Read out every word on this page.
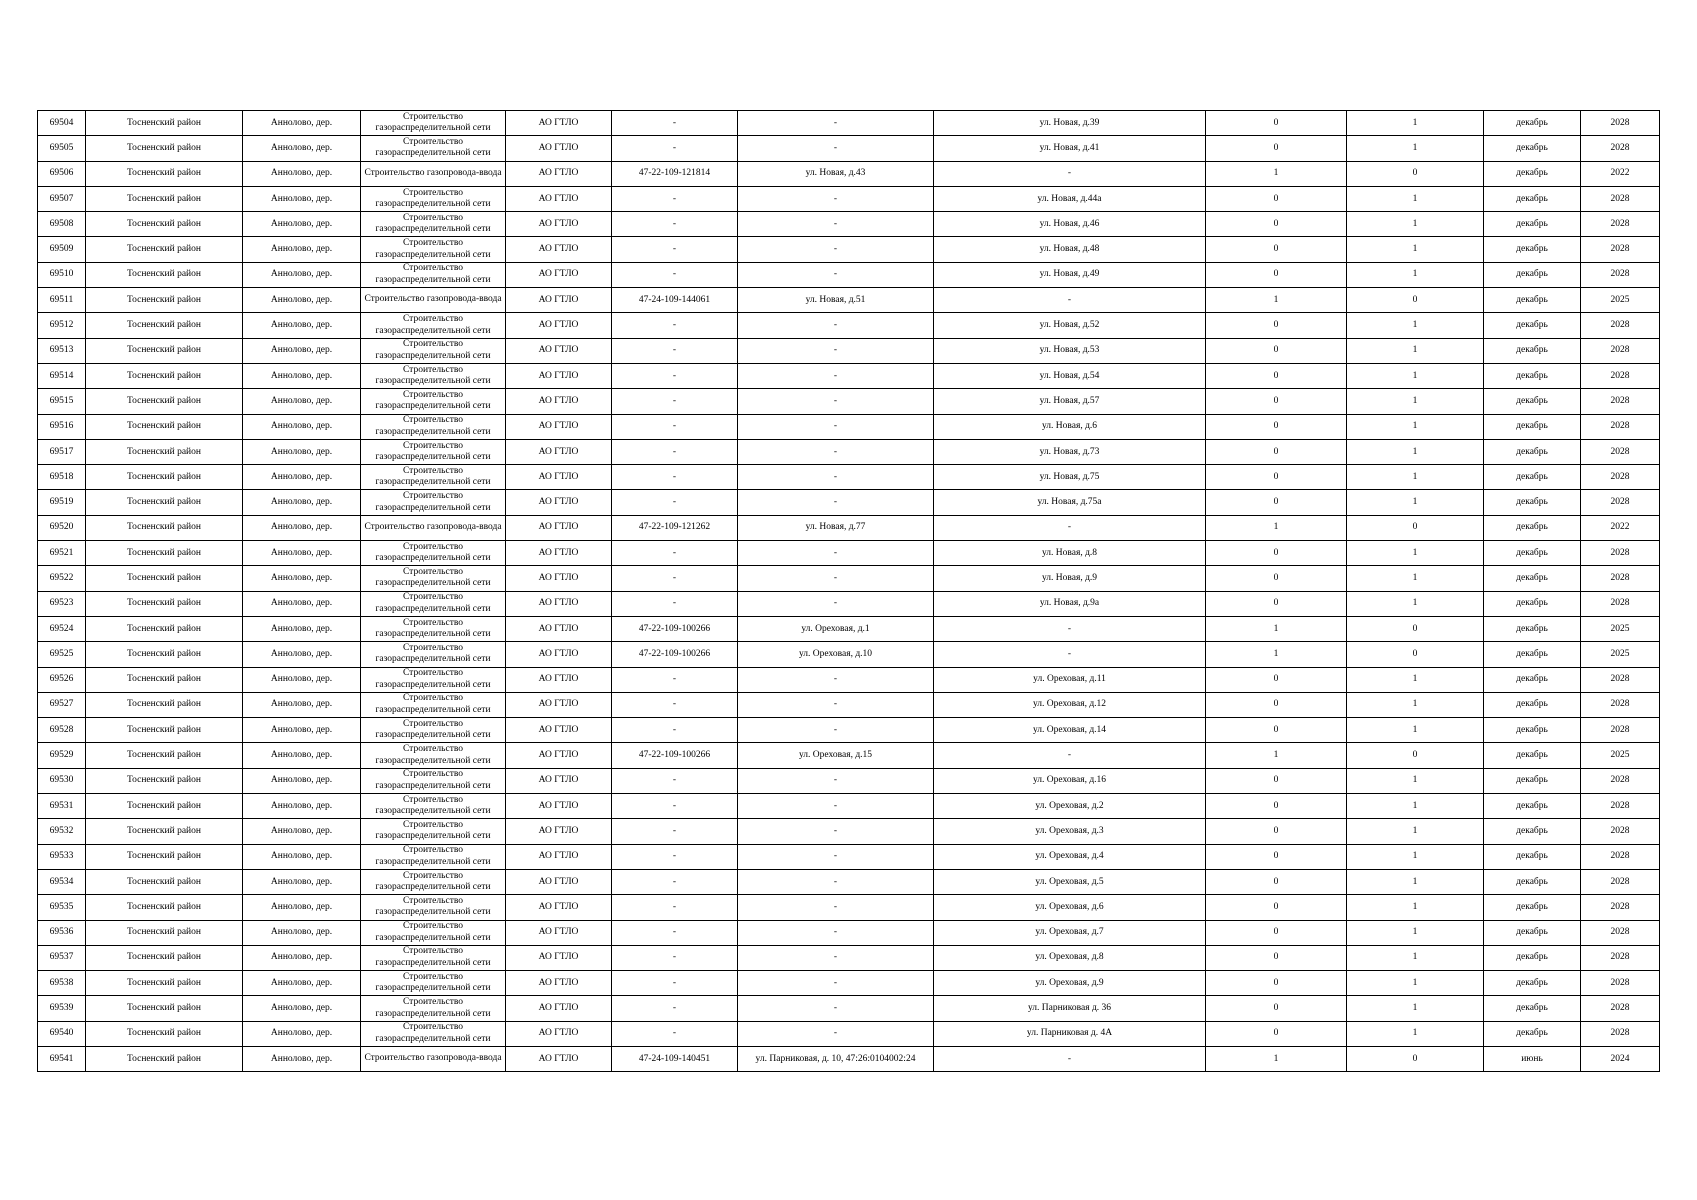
69504	Тосненский район	Аннолово, дер.	Строительство газораспределительной сети	АО ГТЛО	-	-	ул. Новая, д.39	0	1	декабрь	2028
69505	Тосненский район	Аннолово, дер.	Строительство газораспределительной сети	АО ГТЛО	-	-	ул. Новая, д.41	0	1	декабрь	2028
69506	Тосненский район	Аннолово, дер.	Строительство газопровода-ввода	АО ГТЛО	47-22-109-121814	ул. Новая, д.43	-	1	0	декабрь	2022
69507	Тосненский район	Аннолово, дер.	Строительство газораспределительной сети	АО ГТЛО	-	-	ул. Новая, д.44а	0	1	декабрь	2028
69508	Тосненский район	Аннолово, дер.	Строительство газораспределительной сети	АО ГТЛО	-	-	ул. Новая, д.46	0	1	декабрь	2028
69509	Тосненский район	Аннолово, дер.	Строительство газораспределительной сети	АО ГТЛО	-	-	ул. Новая, д.48	0	1	декабрь	2028
69510	Тосненский район	Аннолово, дер.	Строительство газораспределительной сети	АО ГТЛО	-	-	ул. Новая, д.49	0	1	декабрь	2028
69511	Тосненский район	Аннолово, дер.	Строительство газопровода-ввода	АО ГТЛО	47-24-109-144061	ул. Новая, д.51	-	1	0	декабрь	2025
69512	Тосненский район	Аннолово, дер.	Строительство газораспределительной сети	АО ГТЛО	-	-	ул. Новая, д.52	0	1	декабрь	2028
69513	Тосненский район	Аннолово, дер.	Строительство газораспределительной сети	АО ГТЛО	-	-	ул. Новая, д.53	0	1	декабрь	2028
69514	Тосненский район	Аннолово, дер.	Строительство газораспределительной сети	АО ГТЛО	-	-	ул. Новая, д.54	0	1	декабрь	2028
69515	Тосненский район	Аннолово, дер.	Строительство газораспределительной сети	АО ГТЛО	-	-	ул. Новая, д.57	0	1	декабрь	2028
69516	Тосненский район	Аннолово, дер.	Строительство газораспределительной сети	АО ГТЛО	-	-	ул. Новая, д.6	0	1	декабрь	2028
69517	Тосненский район	Аннолово, дер.	Строительство газораспределительной сети	АО ГТЛО	-	-	ул. Новая, д.73	0	1	декабрь	2028
69518	Тосненский район	Аннолово, дер.	Строительство газораспределительной сети	АО ГТЛО	-	-	ул. Новая, д.75	0	1	декабрь	2028
69519	Тосненский район	Аннолово, дер.	Строительство газораспределительной сети	АО ГТЛО	-	-	ул. Новая, д.75а	0	1	декабрь	2028
69520	Тосненский район	Аннолово, дер.	Строительство газопровода-ввода	АО ГТЛО	47-22-109-121262	ул. Новая, д.77	-	1	0	декабрь	2022
69521	Тосненский район	Аннолово, дер.	Строительство газораспределительной сети	АО ГТЛО	-	-	ул. Новая, д.8	0	1	декабрь	2028
69522	Тосненский район	Аннолово, дер.	Строительство газораспределительной сети	АО ГТЛО	-	-	ул. Новая, д.9	0	1	декабрь	2028
69523	Тосненский район	Аннолово, дер.	Строительство газораспределительной сети	АО ГТЛО	-	-	ул. Новая, д.9а	0	1	декабрь	2028
69524	Тосненский район	Аннолово, дер.	Строительство газораспределительной сети	АО ГТЛО	47-22-109-100266	ул. Ореховая, д.1	-	1	0	декабрь	2025
69525	Тосненский район	Аннолово, дер.	Строительство газораспределительной сети	АО ГТЛО	47-22-109-100266	ул. Ореховая, д.10	-	1	0	декабрь	2025
69526	Тосненский район	Аннолово, дер.	Строительство газораспределительной сети	АО ГТЛО	-	-	ул. Ореховая, д.11	0	1	декабрь	2028
69527	Тосненский район	Аннолово, дер.	Строительство газораспределительной сети	АО ГТЛО	-	-	ул. Ореховая, д.12	0	1	декабрь	2028
69528	Тосненский район	Аннолово, дер.	Строительство газораспределительной сети	АО ГТЛО	-	-	ул. Ореховая, д.14	0	1	декабрь	2028
69529	Тосненский район	Аннолово, дер.	Строительство газораспределительной сети	АО ГТЛО	47-22-109-100266	ул. Ореховая, д.15	-	1	0	декабрь	2025
69530	Тосненский район	Аннолово, дер.	Строительство газораспределительной сети	АО ГТЛО	-	-	ул. Ореховая, д.16	0	1	декабрь	2028
69531	Тосненский район	Аннолово, дер.	Строительство газораспределительной сети	АО ГТЛО	-	-	ул. Ореховая, д.2	0	1	декабрь	2028
69532	Тосненский район	Аннолово, дер.	Строительство газораспределительной сети	АО ГТЛО	-	-	ул. Ореховая, д.3	0	1	декабрь	2028
69533	Тосненский район	Аннолово, дер.	Строительство газораспределительной сети	АО ГТЛО	-	-	ул. Ореховая, д.4	0	1	декабрь	2028
69534	Тосненский район	Аннолово, дер.	Строительство газораспределительной сети	АО ГТЛО	-	-	ул. Ореховая, д.5	0	1	декабрь	2028
69535	Тосненский район	Аннолово, дер.	Строительство газораспределительной сети	АО ГТЛО	-	-	ул. Ореховая, д.6	0	1	декабрь	2028
69536	Тосненский район	Аннолово, дер.	Строительство газораспределительной сети	АО ГТЛО	-	-	ул. Ореховая, д.7	0	1	декабрь	2028
69537	Тосненский район	Аннолово, дер.	Строительство газораспределительной сети	АО ГТЛО	-	-	ул. Ореховая, д.8	0	1	декабрь	2028
69538	Тосненский район	Аннолово, дер.	Строительство газораспределительной сети	АО ГТЛО	-	-	ул. Ореховая, д.9	0	1	декабрь	2028
69539	Тосненский район	Аннолово, дер.	Строительство газораспределительной сети	АО ГТЛО	-	-	ул. Парниковая д. 36	0	1	декабрь	2028
69540	Тосненский район	Аннолово, дер.	Строительство газораспределительной сети	АО ГТЛО	-	-	ул. Парниковая д. 4А	0	1	декабрь	2028
69541	Тосненский район	Аннолово, дер.	Строительство газопровода-ввода	АО ГТЛО	47-24-109-140451	ул. Парниковая, д. 10, 47:26:0104002:24	-	1	0	июнь	2024
